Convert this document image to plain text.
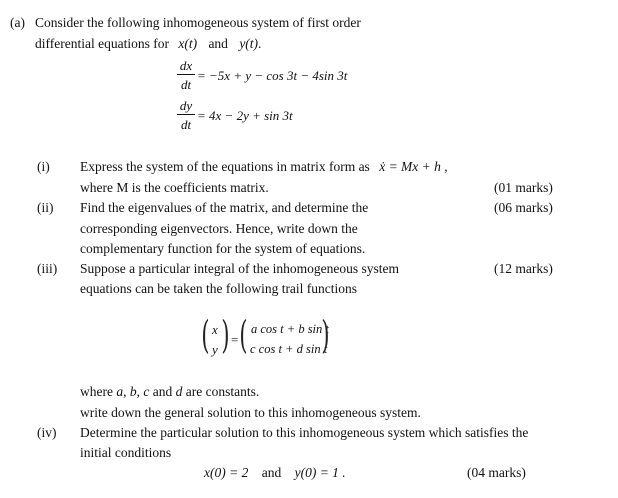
(a) Consider the following inhomogeneous system of first order
differential equations for x(t) and y(t).
dx
dt
= −5x + y − cos 3t − 4sin 3t
dy
dt
= 4x − 2y + sin 3t
(i) Express the system of the equations in matrix form as ẋ = Mx + h ,
where M is the coefficients matrix.	(01 marks)
(ii) Find the eigenvalues of the matrix, and determine the	(06 marks)
corresponding eigenvectors. Hence, write down the
complementary function for the system of equations.
(iii) Suppose a particular integral of the inhomogeneous system	(12 marks)
equations can be taken the following trail functions
( x
y ) = ( a cos t + b sin t
c cos t + d sin t
)
where a, b, c and d are constants.
write down the general solution to this inhomogeneous system.
(iv) Determine the particular solution to this inhomogeneous system which satisfies the
initial conditions
x(0) = 2 and y(0) = 1 .	(04 marks)
